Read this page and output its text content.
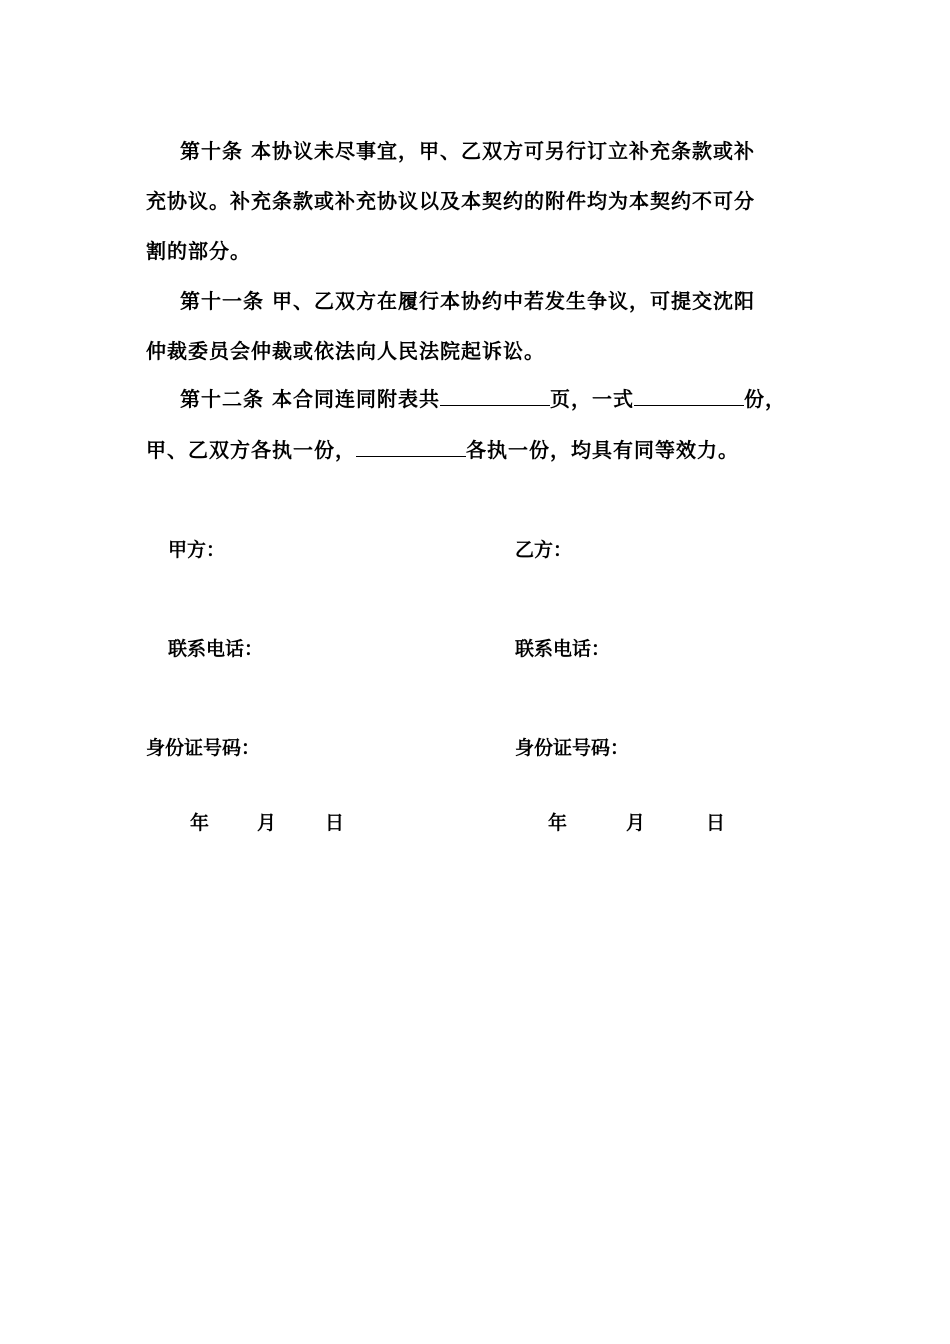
第十条 本协议未尽事宜，甲、乙双方可另行订立补充条款或补
充协议。补充条款或补充协议以及本契约的附件均为本契约不可分
割的部分。
第十一条 甲、乙双方在履行本协约中若发生争议，可提交沈阳
仲裁委员会仲裁或依法向人民法院起诉讼。
第十二条 本合同连同附表共	页，一式	份，
甲、乙双方各执一份，	各执一份，均具有同等效力。
甲方：	乙方：
联系电话：	联系电话：
身份证号码：	身份证号码：
年	月	日	年	月	日
